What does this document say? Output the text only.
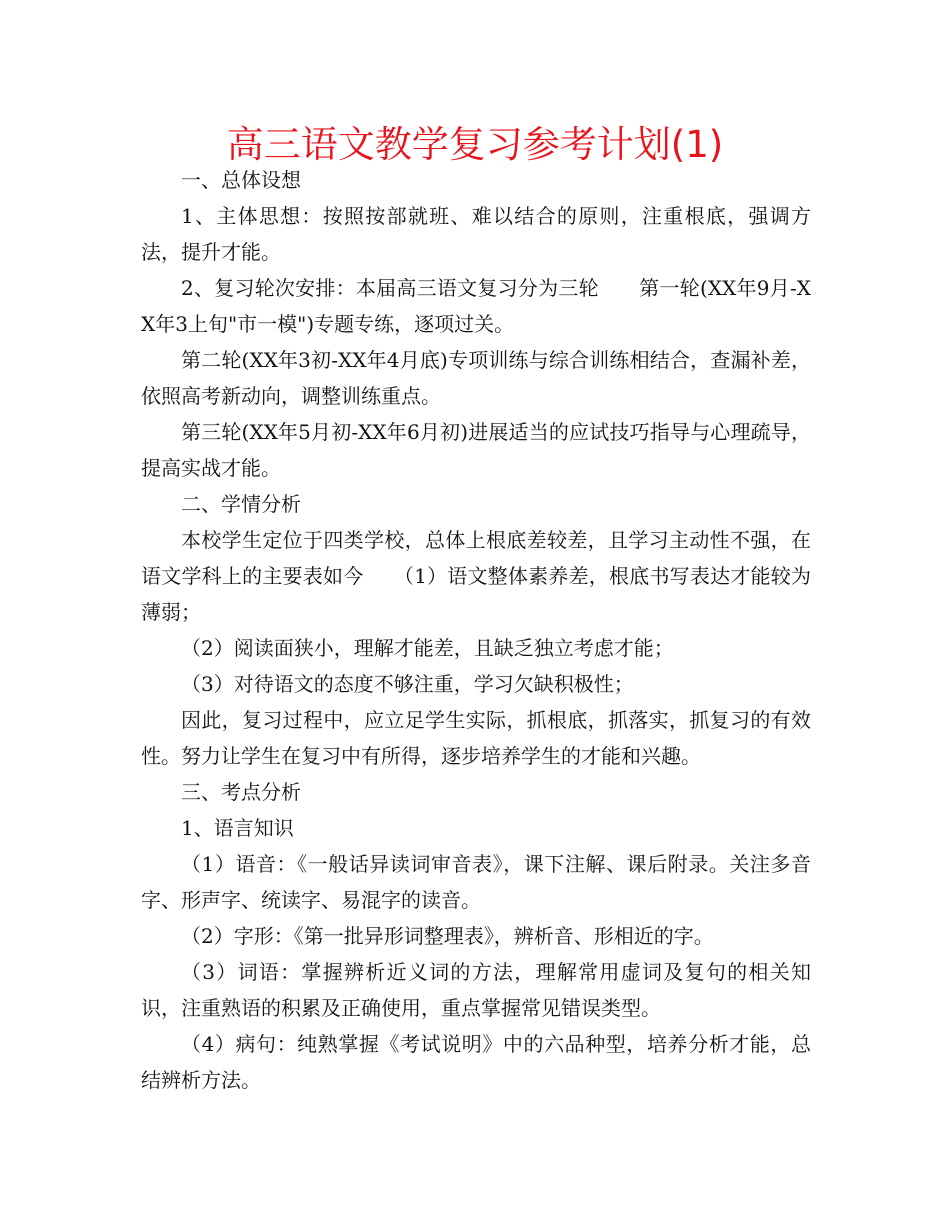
高三语文教学复习参考计划(1)

一、总体设想

1、主体思想：按照按部就班、难以结合的原则，注重根底，强调方法，提升才能。

2、复习轮次安排：本届高三语文复习分为三轮　　第一轮(XX年9月-XX年3上旬"市一模")专题专练，逐项过关。

第二轮(XX年3初-XX年4月底)专项训练与综合训练相结合，查漏补差，依照高考新动向，调整训练重点。

第三轮(XX年5月初-XX年6月初)进展适当的应试技巧指导与心理疏导，提高实战才能。

二、学情分析

本校学生定位于四类学校，总体上根底差较差，且学习主动性不强，在语文学科上的主要表如今　　（1）语文整体素养差，根底书写表达才能较为薄弱；

（2）阅读面狭小，理解才能差，且缺乏独立考虑才能；

（3）对待语文的态度不够注重，学习欠缺积极性；

因此，复习过程中，应立足学生实际，抓根底，抓落实，抓复习的有效性。努力让学生在复习中有所得，逐步培养学生的才能和兴趣。

三、考点分析

1、语言知识

（1）语音：《一般话异读词审音表》，课下注解、课后附录。关注多音字、形声字、统读字、易混字的读音。

（2）字形：《第一批异形词整理表》，辨析音、形相近的字。

（3）词语：掌握辨析近义词的方法，理解常用虚词及复句的相关知识，注重熟语的积累及正确使用，重点掌握常见错误类型。

（4）病句：纯熟掌握《考试说明》中的六品种型，培养分析才能，总结辨析方法。
